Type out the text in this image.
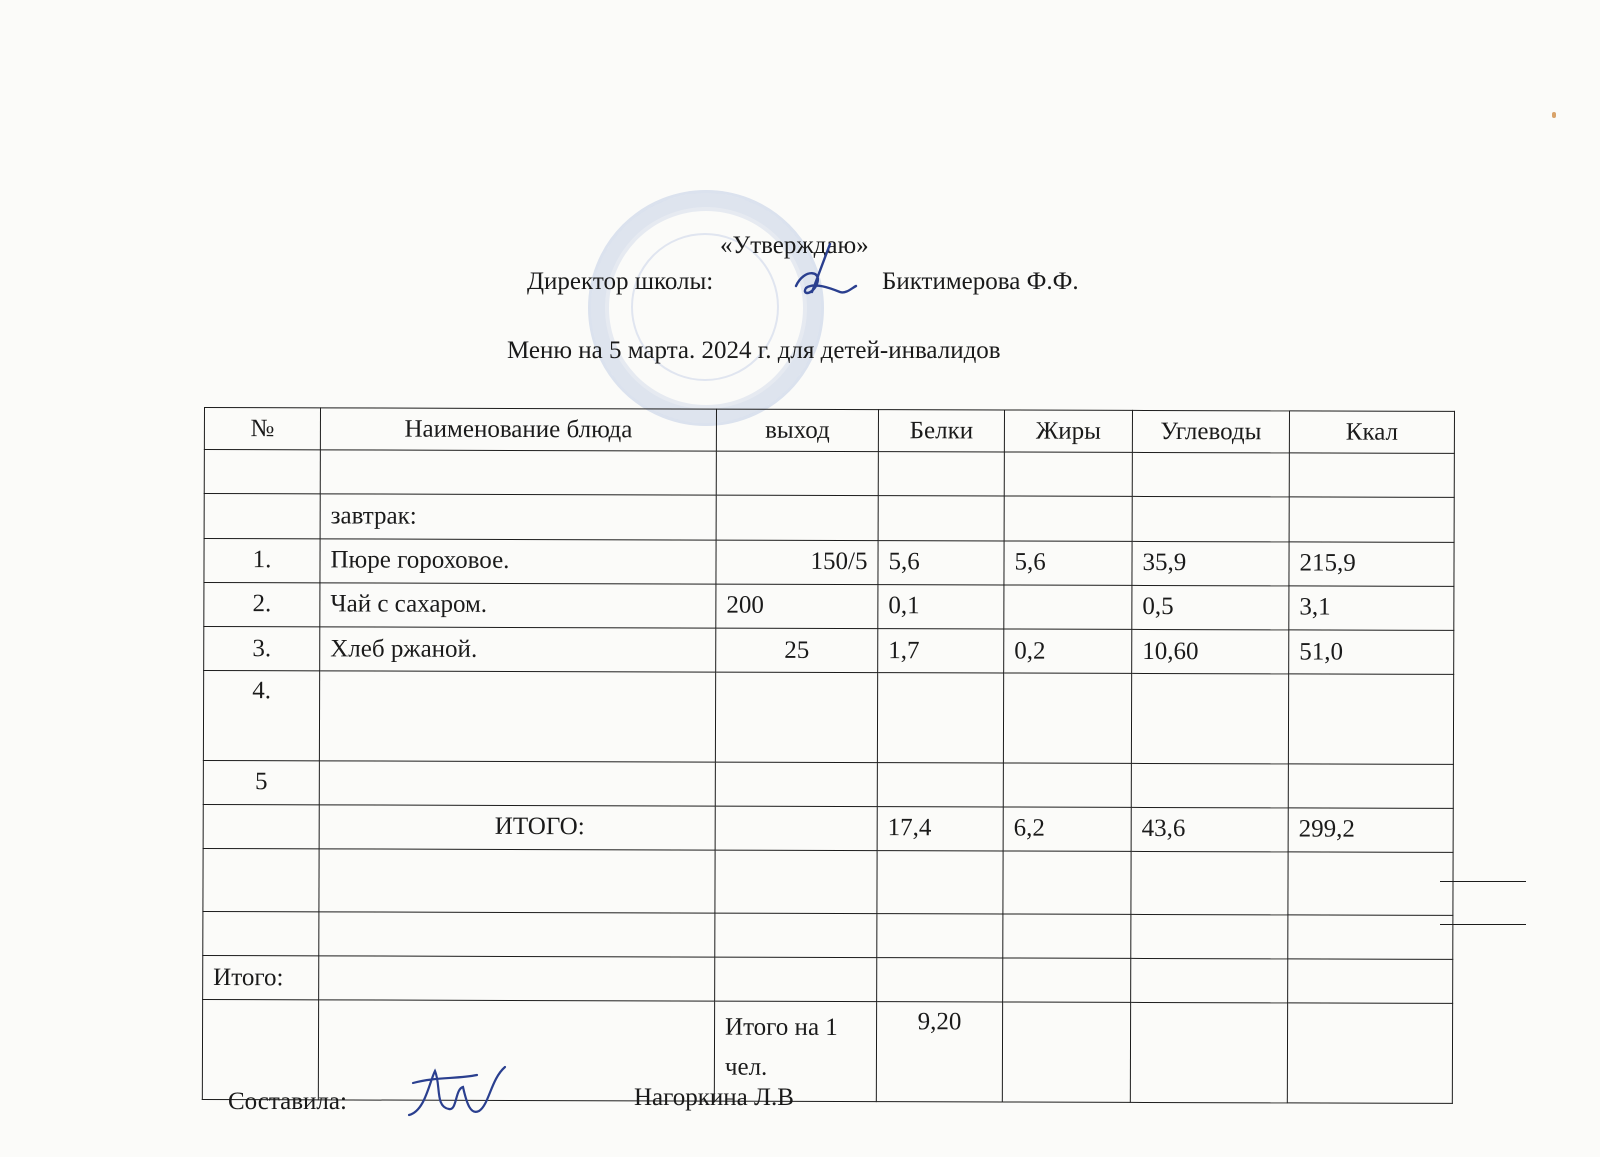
«Утверждаю»
Директор школы:	Биктимерова Ф.Ф.
Меню на 5 марта. 2024 г. для детей-инвалидов
№	Наименование блюда	выход	Белки	Жиры	Углеводы	Ккал

	завтрак:					
1.	Пюре гороховое.	150/5	5,6	5,6	35,9	215,9
2.	Чай с сахаром.	200	0,1		0,5	3,1
3.	Хлеб ржаной.	25	1,7	0,2	10,60	51,0
4.						
5						
	ИТОГО:		17,4	6,2	43,6	299,2

Итого:						
		Итого на 1 чел.	9,20			
Составила:	Нагоркина Л.В
